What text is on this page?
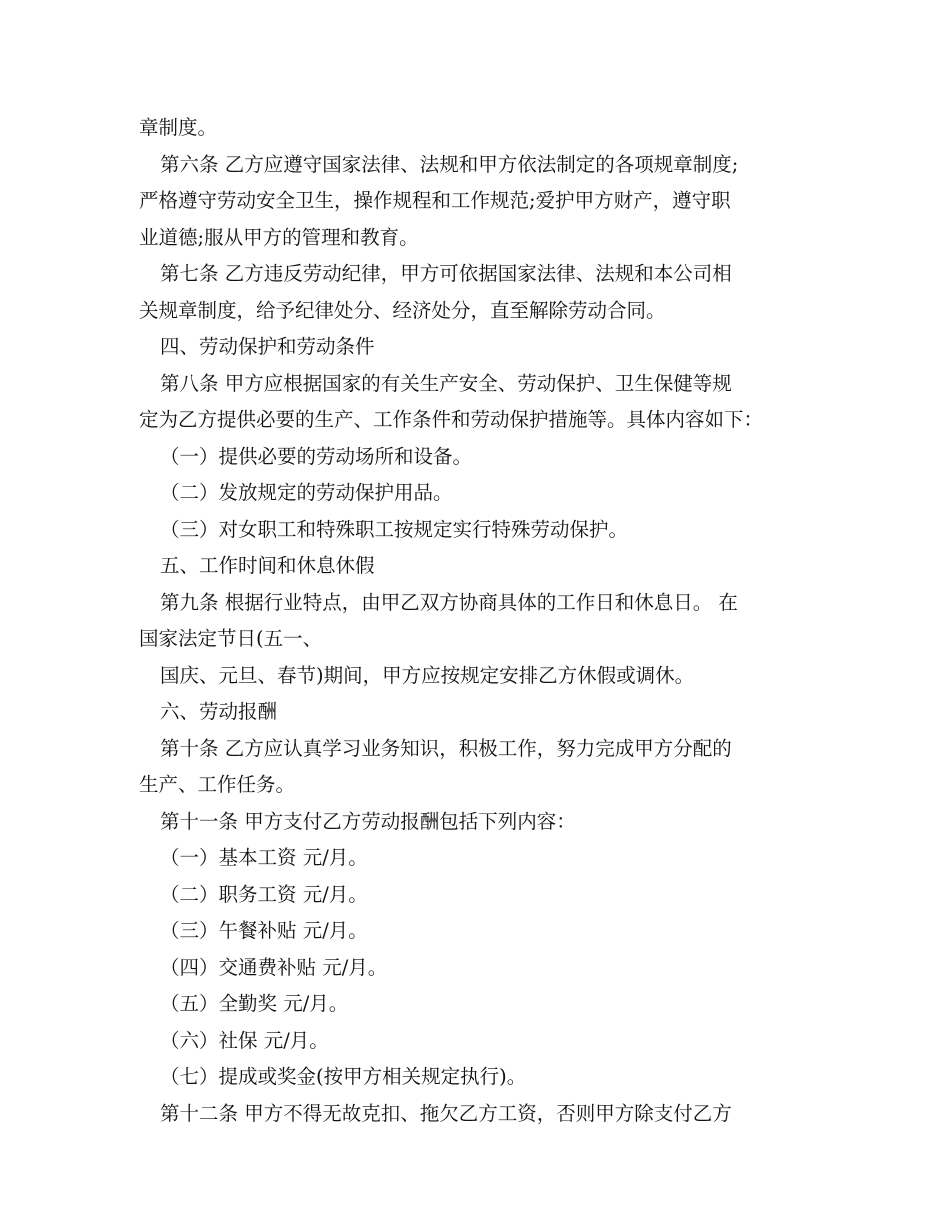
章制度。
第六条 乙方应遵守国家法律、法规和甲方依法制定的各项规章制度;
严格遵守劳动安全卫生，操作规程和工作规范;爱护甲方财产，遵守职
业道德;服从甲方的管理和教育。
第七条 乙方违反劳动纪律，甲方可依据国家法律、法规和本公司相
关规章制度，给予纪律处分、经济处分，直至解除劳动合同。
四、劳动保护和劳动条件
第八条 甲方应根据国家的有关生产安全、劳动保护、卫生保健等规
定为乙方提供必要的生产、工作条件和劳动保护措施等。具体内容如下：
（一）提供必要的劳动场所和设备。
（二）发放规定的劳动保护用品。
（三）对女职工和特殊职工按规定实行特殊劳动保护。
五、工作时间和休息休假
第九条 根据行业特点，由甲乙双方协商具体的工作日和休息日。 在
国家法定节日(五一、
国庆、元旦、春节)期间，甲方应按规定安排乙方休假或调休。
六、劳动报酬
第十条 乙方应认真学习业务知识，积极工作，努力完成甲方分配的
生产、工作任务。
第十一条 甲方支付乙方劳动报酬包括下列内容：
（一）基本工资 元/月。
（二）职务工资 元/月。
（三）午餐补贴 元/月。
（四）交通费补贴 元/月。
（五）全勤奖 元/月。
（六）社保 元/月。
（七）提成或奖金(按甲方相关规定执行)。
第十二条 甲方不得无故克扣、拖欠乙方工资，否则甲方除支付乙方
